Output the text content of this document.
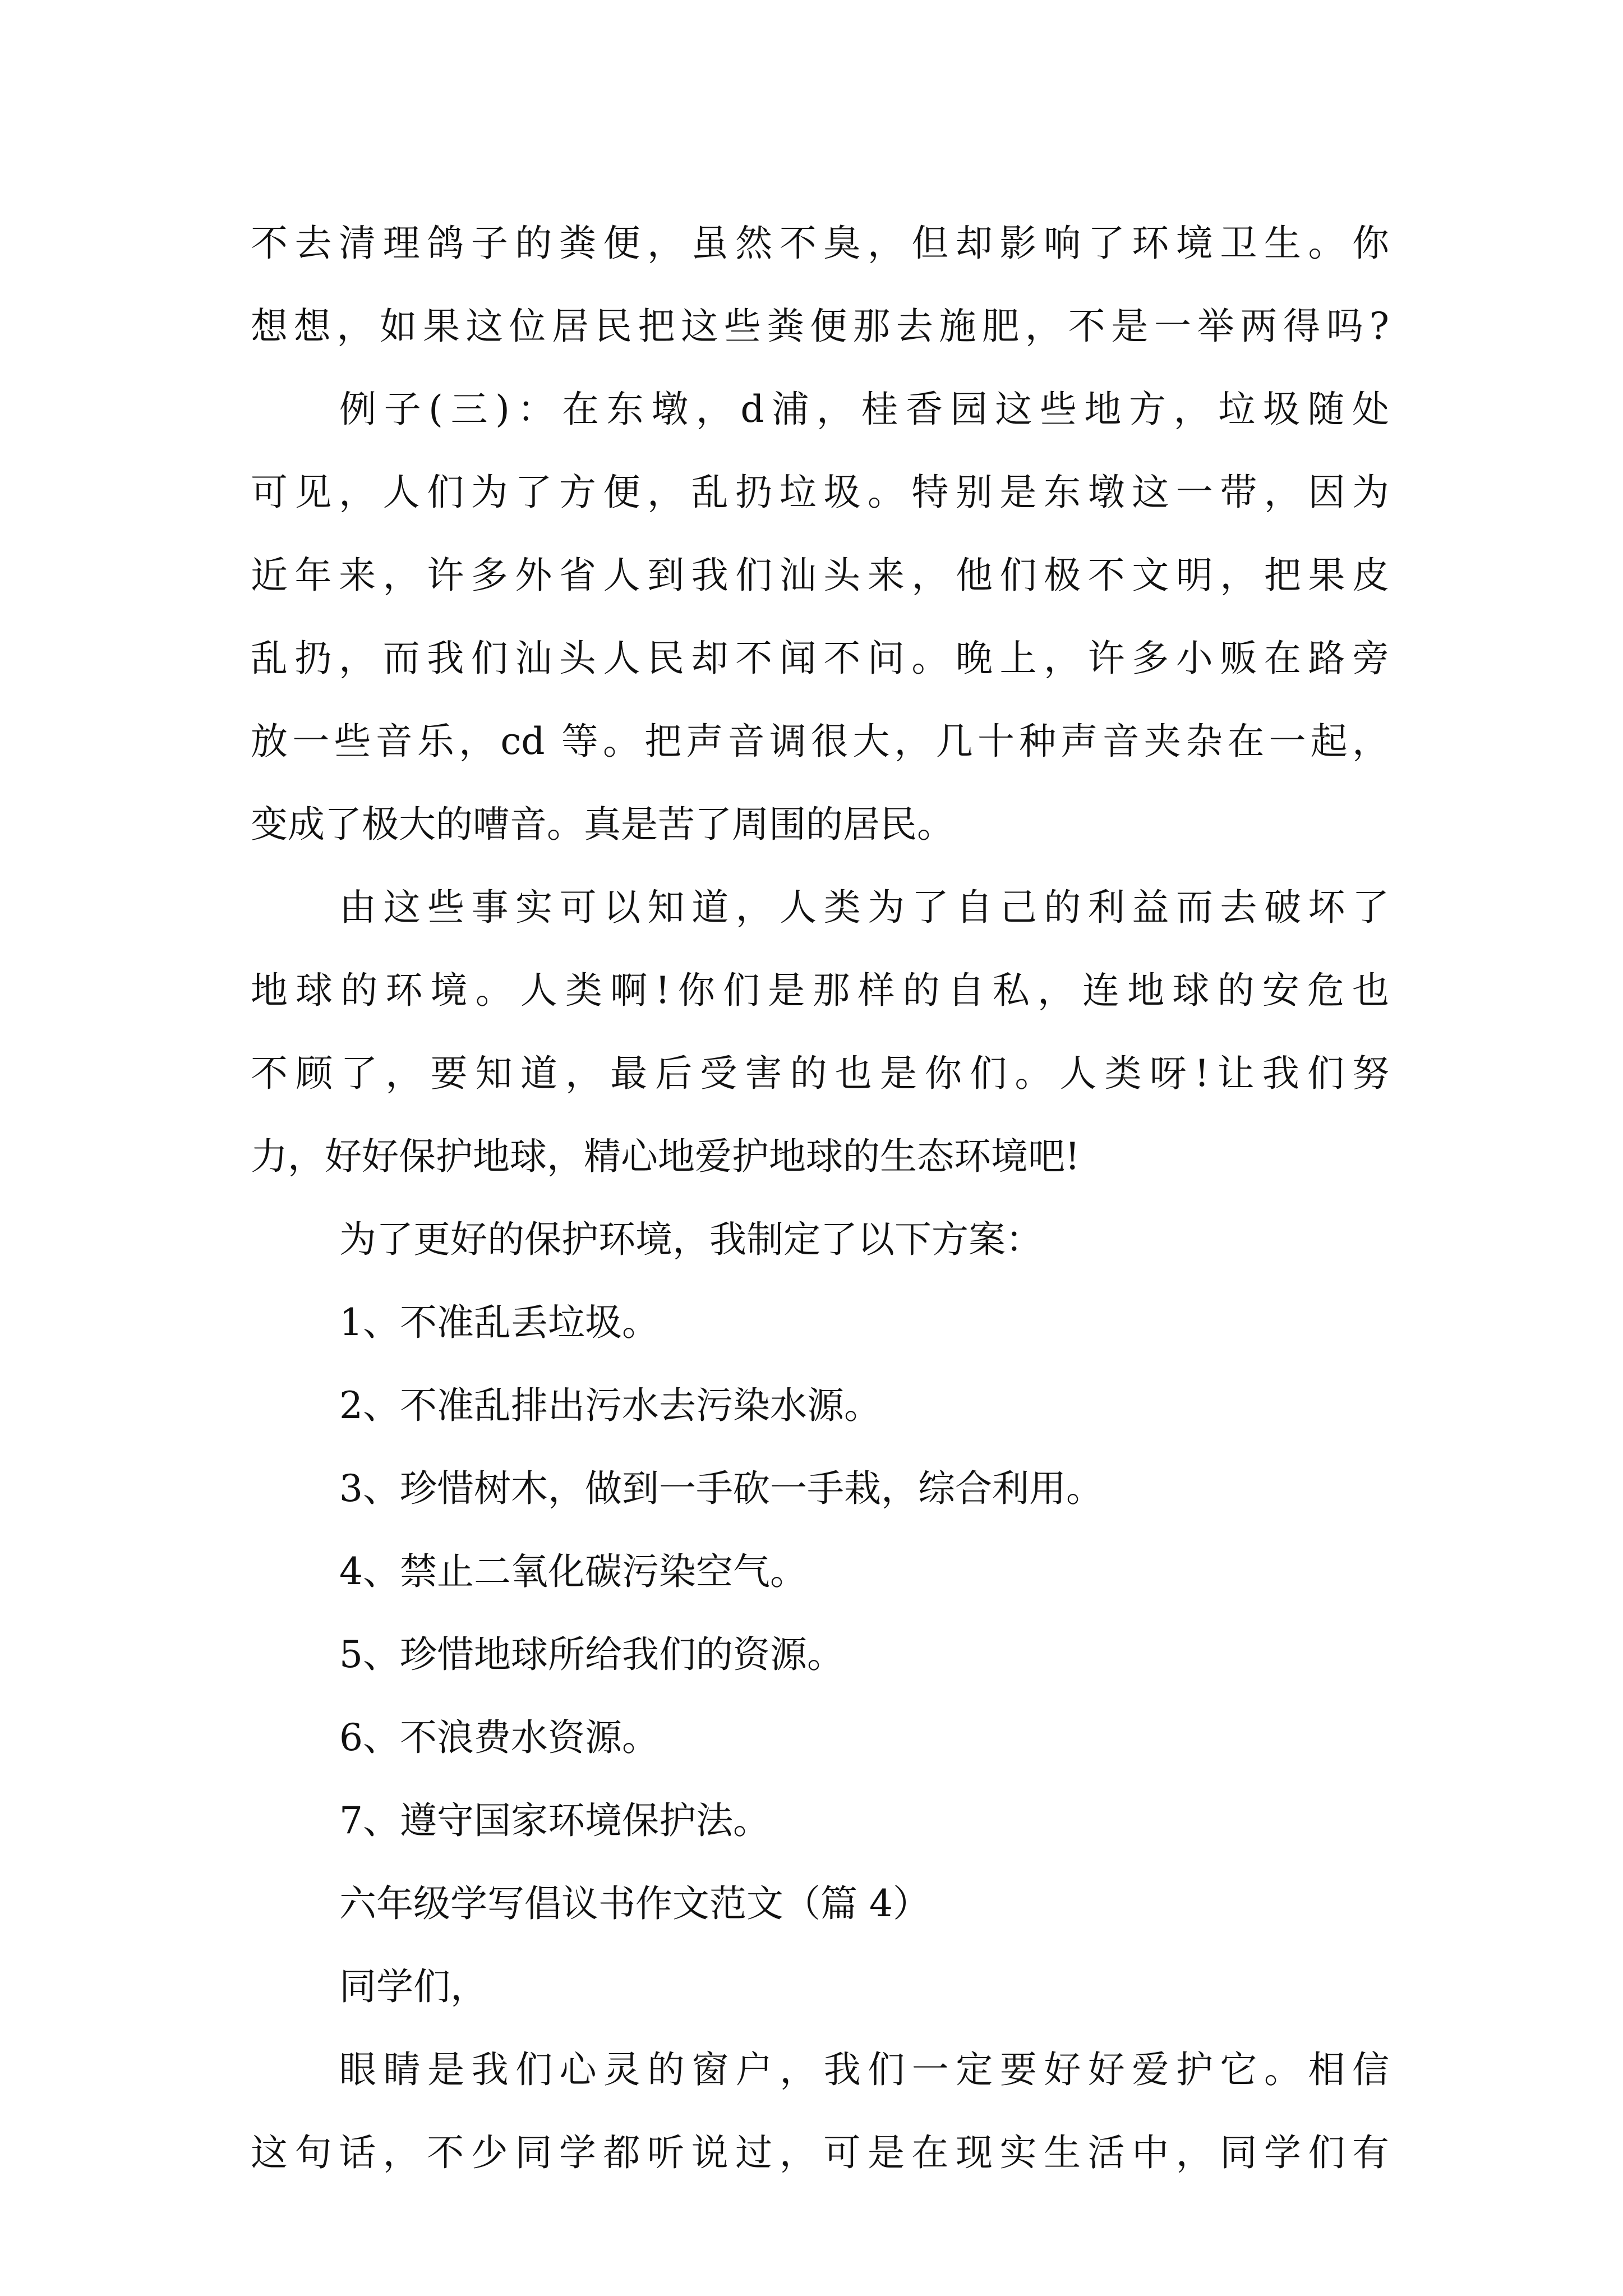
不去清理鸽子的粪便，虽然不臭，但却影响了环境卫生。你
想想，如果这位居民把这些粪便那去施肥，不是一举两得吗?
例子(三)：在东墩，d浦，桂香园这些地方，垃圾随处
可见，人们为了方便，乱扔垃圾。特别是东墩这一带，因为
近年来，许多外省人到我们汕头来，他们极不文明，把果皮
乱扔，而我们汕头人民却不闻不问。晚上，许多小贩在路旁
放一些音乐，cd 等。把声音调很大，几十种声音夹杂在一起，
变成了极大的嘈音。真是苦了周围的居民。
由这些事实可以知道，人类为了自己的利益而去破坏了
地球的环境。人类啊!你们是那样的自私，连地球的安危也
不顾了，要知道，最后受害的也是你们。人类呀!让我们努
力，好好保护地球，精心地爱护地球的生态环境吧!
为了更好的保护环境，我制定了以下方案：
1、不准乱丢垃圾。
2、不准乱排出污水去污染水源。
3、珍惜树木，做到一手砍一手栽，综合利用。
4、禁止二氧化碳污染空气。
5、珍惜地球所给我们的资源。
6、不浪费水资源。
7、遵守国家环境保护法。
六年级学写倡议书作文范文（篇 4）
同学们，
眼睛是我们心灵的窗户，我们一定要好好爱护它。相信
这句话，不少同学都听说过，可是在现实生活中，同学们有
